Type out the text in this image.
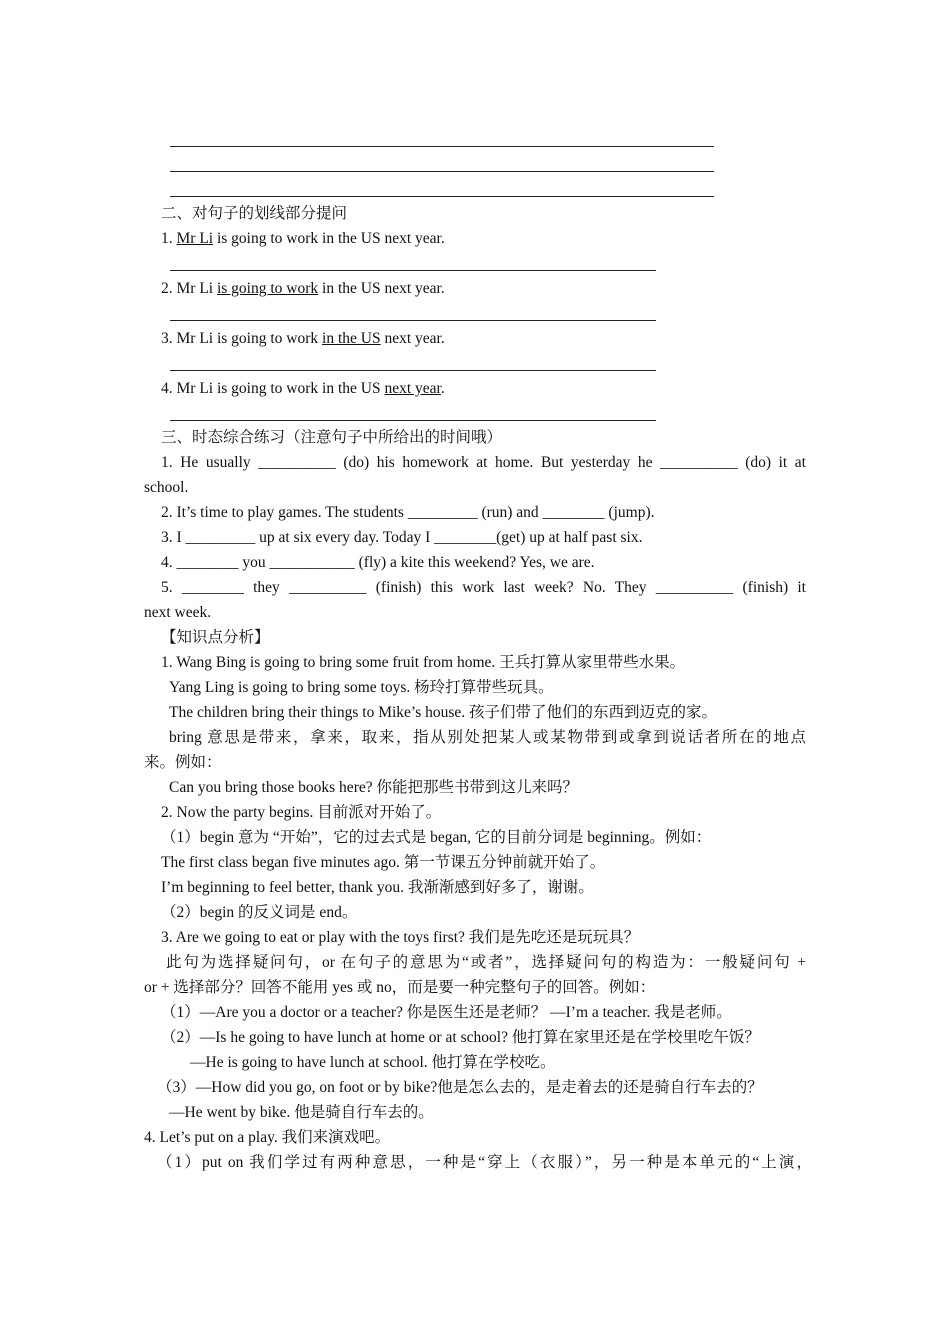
二、对句子的划线部分提问
1. Mr Li is going to work in the US next year.
2. Mr Li is going to work in the US next year.
3. Mr Li is going to work in the US next year.
4. Mr Li is going to work in the US next year.
三、时态综合练习（注意句子中所给出的时间哦）
1. He usually __________ (do) his homework at home. But yesterday he __________ (do) it at
school.
2. It’s time to play games. The students _________ (run) and ________ (jump).
3. I _________ up at six every day. Today I ________(get) up at half past six.
4. ________ you ___________ (fly) a kite this weekend? Yes, we are.
5. ________ they __________ (finish) this work last week? No. They __________ (finish) it
next week.
【知识点分析】
1. Wang Bing is going to bring some fruit from home. 王兵打算从家里带些水果。
Yang Ling is going to bring some toys. 杨玲打算带些玩具。
The children bring their things to Mike’s house. 孩子们带了他们的东西到迈克的家。
bring 意思是带来，拿来，取来，指从别处把某人或某物带到或拿到说话者所在的地点
来。例如：
Can you bring those books here? 你能把那些书带到这儿来吗？
2. Now the party begins. 目前派对开始了。
（1）begin 意为 “开始”，它的过去式是 began, 它的目前分词是 beginning。例如：
The first class began five minutes ago. 第一节课五分钟前就开始了。
I’m beginning to feel better, thank you. 我渐渐感到好多了，谢谢。
（2）begin 的反义词是 end。
3. Are we going to eat or play with the toys first? 我们是先吃还是玩玩具？
此句为选择疑问句，or 在句子的意思为“或者”，选择疑问句的构造为：一般疑问句 +
or + 选择部分？回答不能用 yes 或 no，而是要一种完整句子的回答。例如：
（1）—Are you a doctor or a teacher? 你是医生还是老师？ —I’m a teacher. 我是老师。
（2）—Is he going to have lunch at home or at school? 他打算在家里还是在学校里吃午饭？
—He is going to have lunch at school. 他打算在学校吃。
（3）—How did you go, on foot or by bike?他是怎么去的，是走着去的还是骑自行车去的？
—He went by bike. 他是骑自行车去的。
4. Let’s put on a play. 我们来演戏吧。
（1）put on 我们学过有两种意思，一种是“穿上（衣服）”，另一种是本单元的“上演，
